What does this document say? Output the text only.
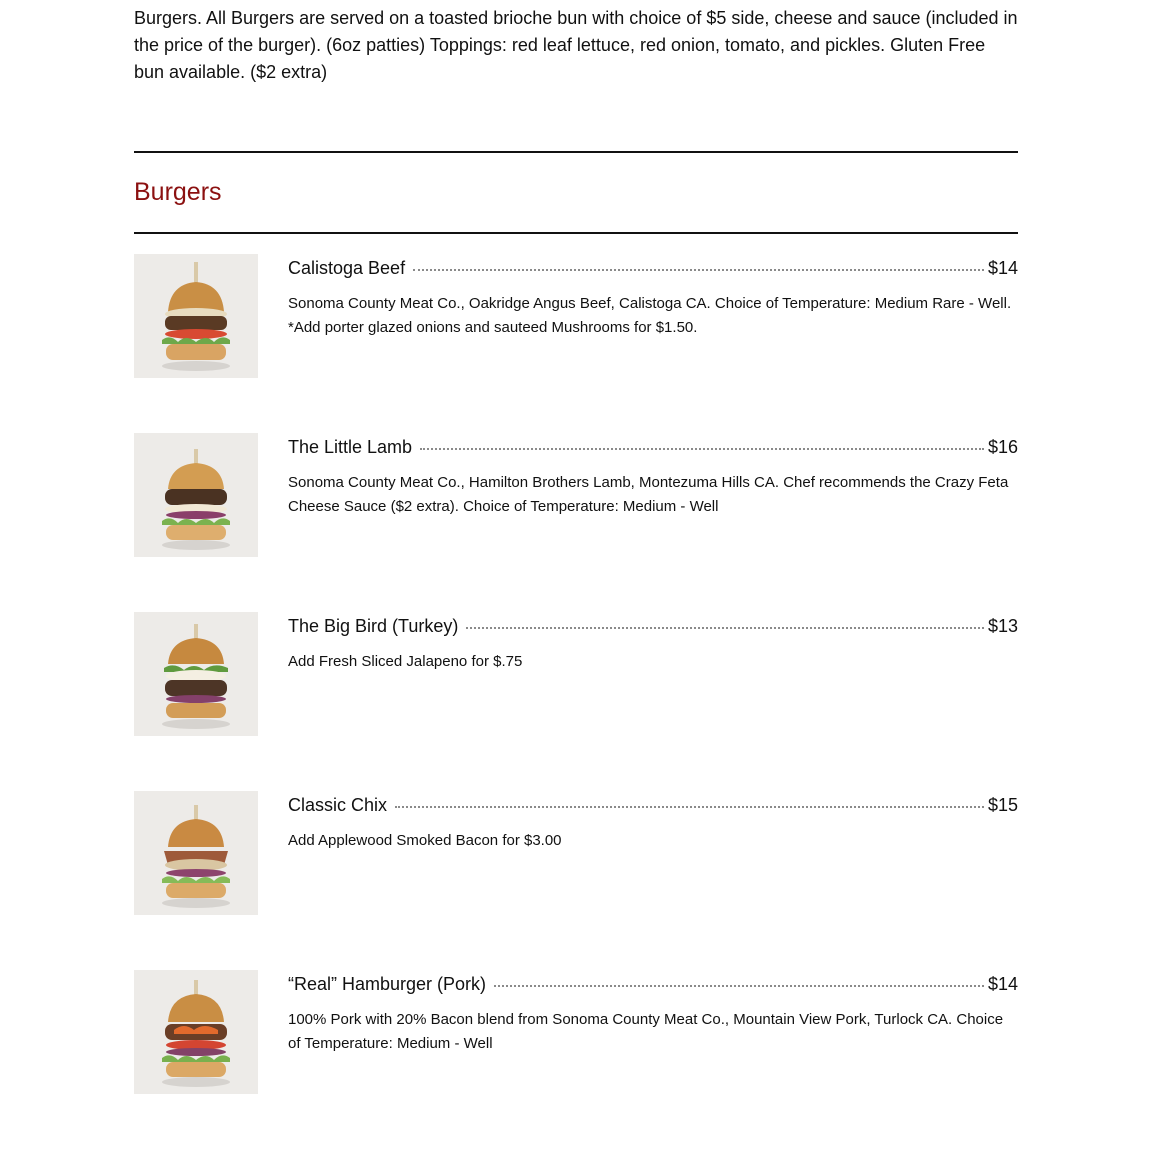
Burgers. All Burgers are served on a toasted brioche bun with choice of $5 side, cheese and sauce (included in the price of the burger). (6oz patties) Toppings: red leaf lettuce, red onion, tomato, and pickles. Gluten Free bun available. ($2 extra)

Burgers
Calistoga Beef	$14

Sonoma County Meat Co., Oakridge Angus Beef, Calistoga CA. Choice of Temperature: Medium Rare - Well. *Add porter glazed onions and sauteed Mushrooms for $1.50.

The Little Lamb	$16

Sonoma County Meat Co., Hamilton Brothers Lamb, Montezuma Hills CA. Chef recommends the Crazy Feta Cheese Sauce ($2 extra). Choice of Temperature: Medium - Well

The Big Bird (Turkey)	$13

Add Fresh Sliced Jalapeno for $.75

Classic Chix	$15

Add Applewood Smoked Bacon for $3.00

“Real” Hamburger (Pork)	$14

100% Pork with 20% Bacon blend from Sonoma County Meat Co., Mountain View Pork, Turlock CA. Choice of Temperature: Medium - Well
